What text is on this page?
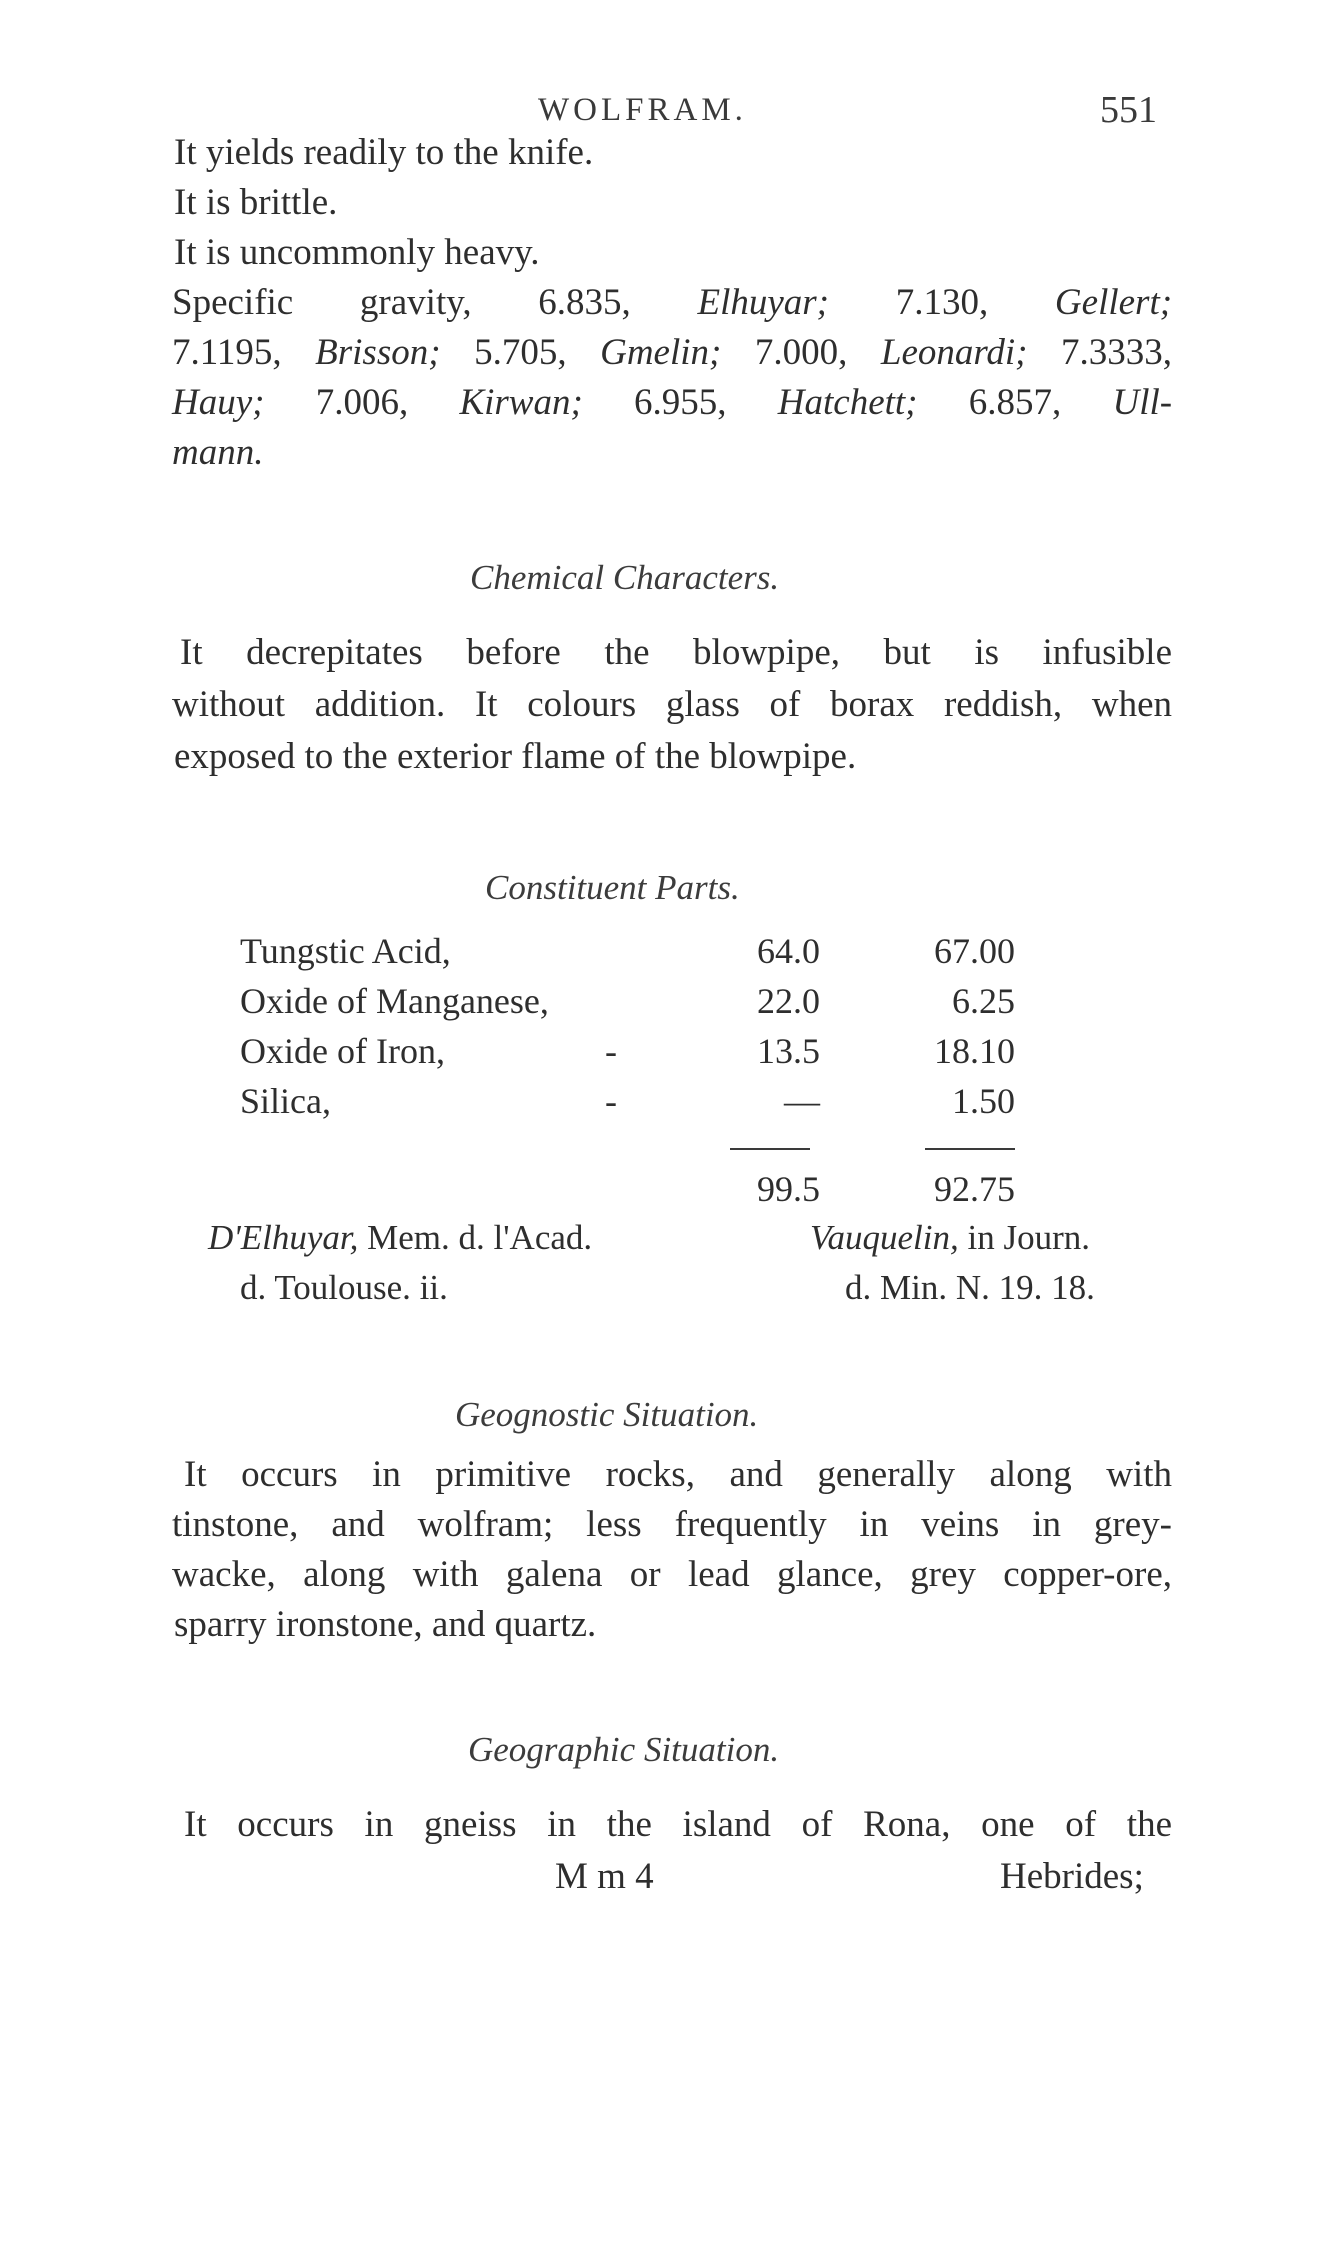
WOLFRAM.	551
It yields readily to the knife.
It is brittle.
It is uncommonly heavy.
Specific gravity, 6.835, Elhuyar; 7.130, Gellert;
7.1195, Brisson; 5.705, Gmelin; 7.000, Leonardi; 7.3333,
Hauy; 7.006, Kirwan; 6.955, Hatchett; 6.857, Ull-
mann.
Chemical Characters.
It decrepitates before the blowpipe, but is infusible
without addition. It colours glass of borax reddish, when
exposed to the exterior flame of the blowpipe.
Constituent Parts.
Tungstic Acid,	64.0	67.00
Oxide of Manganese,	22.0	6.25
Oxide of Iron,	-	13.5	18.10
Silica,	-	—	1.50
99.5	92.75
D'Elhuyar, Mem. d. l'Acad.
d. Toulouse. ii.
Vauquelin, in Journ.
d. Min. N. 19. 18.
Geognostic Situation.
It occurs in primitive rocks, and generally along with
tinstone, and wolfram; less frequently in veins in grey-
wacke, along with galena or lead glance, grey copper-ore,
sparry ironstone, and quartz.
Geographic Situation.
It occurs in gneiss in the island of Rona, one of the
M m 4	Hebrides;
